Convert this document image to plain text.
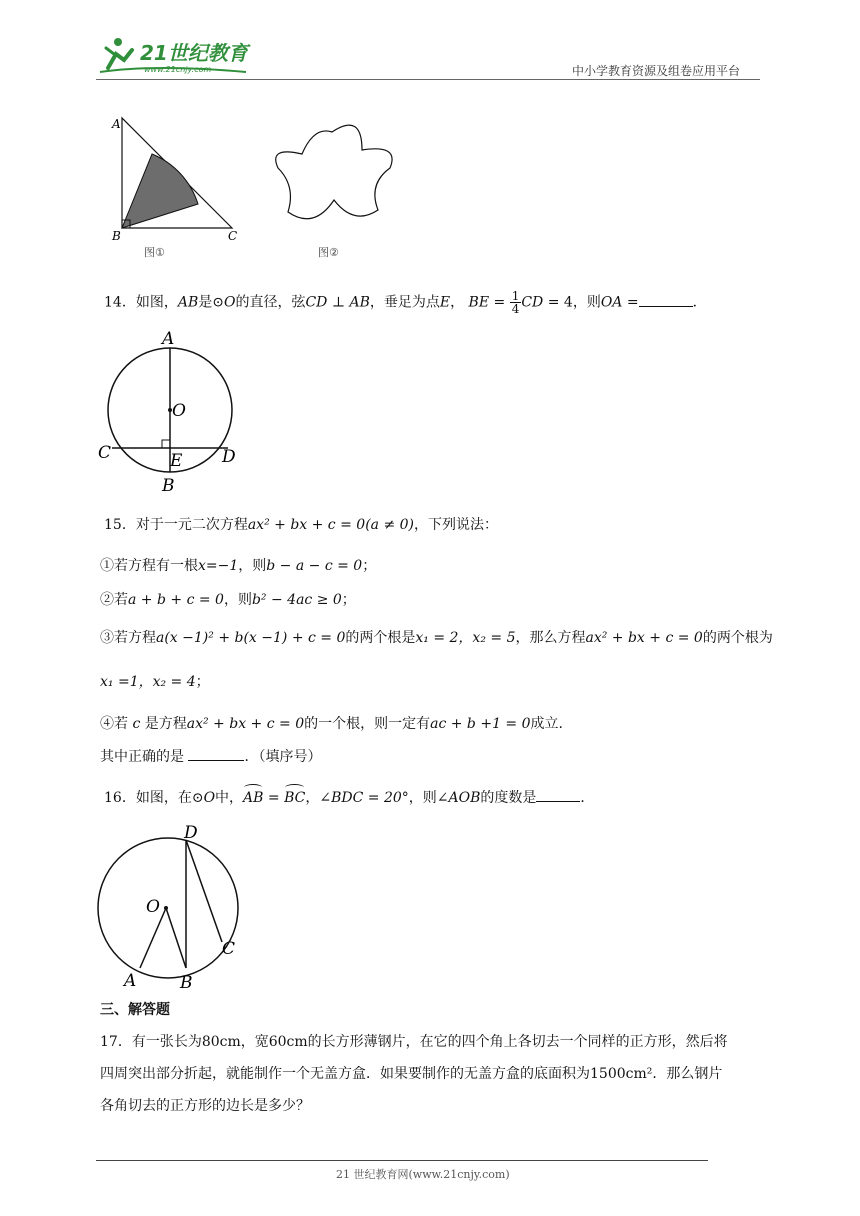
21世纪教育
www.21cnjy.com	中小学教育资源及组卷应用平台
A
B	C
图①	图②
14．如图，AB是⊙O的直径，弦CD ⊥ AB，垂足为点E， BE = $\frac{1}{4}$ CD = 4，则OA =	．
A
O
C	D
E
B
15．对于一元二次方程ax² + bx + c = 0(a ≠ 0)，下列说法：
①若方程有一根x=−1，则b − a − c = 0；
②若a + b + c = 0，则b² − 4ac ≥ 0；
③若方程a(x −1)² + b(x −1) + c = 0的两个根是x₁ = 2，x₂ = 5，那么方程ax² + bx + c = 0的两个根为
x₁ =1，x₂ = 4；
④若 c 是方程ax² + bx + c = 0的一个根，则一定有ac + b +1 = 0成立.
其中正确的是	．（填序号）
16．如图，在⊙O中，AB = BC，∠BDC = 20°，则∠AOB的度数是	．
D
O
C
A	B
三、解答题
17．有一张长为80cm，宽60cm的长方形薄钢片，在它的四个角上各切去一个同样的正方形，然后将
四周突出部分折起，就能制作一个无盖方盒．如果要制作的无盖方盒的底面积为1500cm²．那么钢片
各角切去的正方形的边长是多少？
21 世纪教育网(www.21cnjy.com)
